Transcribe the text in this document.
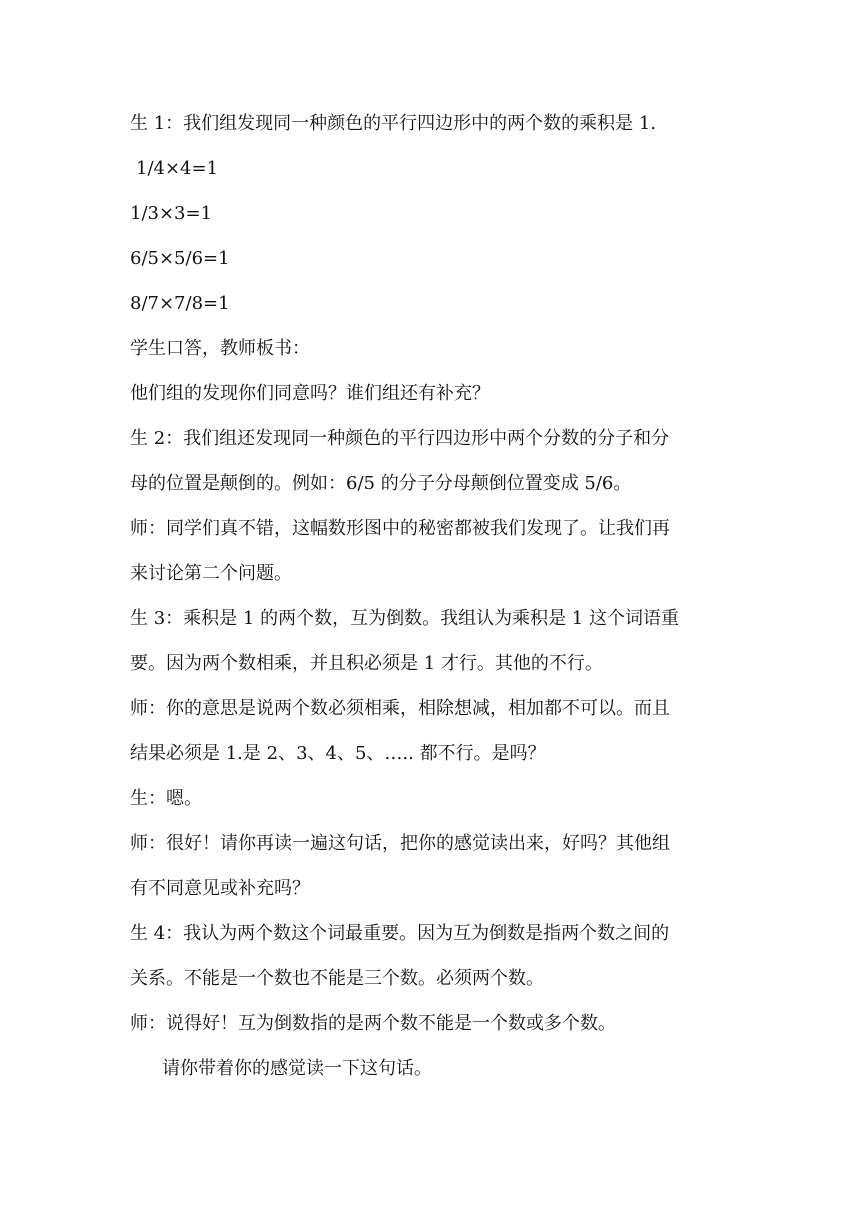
生 1：我们组发现同一种颜色的平行四边形中的两个数的乘积是 1.
1/4×4=1
1/3×3=1
6/5×5/6=1
8/7×7/8=1
学生口答，教师板书：
他们组的发现你们同意吗？谁们组还有补充？
生 2：我们组还发现同一种颜色的平行四边形中两个分数的分子和分
母的位置是颠倒的。例如：6/5 的分子分母颠倒位置变成 5/6。
师：同学们真不错，这幅数形图中的秘密都被我们发现了。让我们再
来讨论第二个问题。
生 3：乘积是 1 的两个数，互为倒数。我组认为乘积是 1 这个词语重
要。因为两个数相乘，并且积必须是 1 才行。其他的不行。
师：你的意思是说两个数必须相乘，相除想减，相加都不可以。而且
结果必须是 1.是 2、3、4、5、….. 都不行。是吗？
生：嗯。
师：很好！请你再读一遍这句话，把你的感觉读出来，好吗？其他组
有不同意见或补充吗？
生 4：我认为两个数这个词最重要。因为互为倒数是指两个数之间的
关系。不能是一个数也不能是三个数。必须两个数。
师：说得好！互为倒数指的是两个数不能是一个数或多个数。
请你带着你的感觉读一下这句话。
